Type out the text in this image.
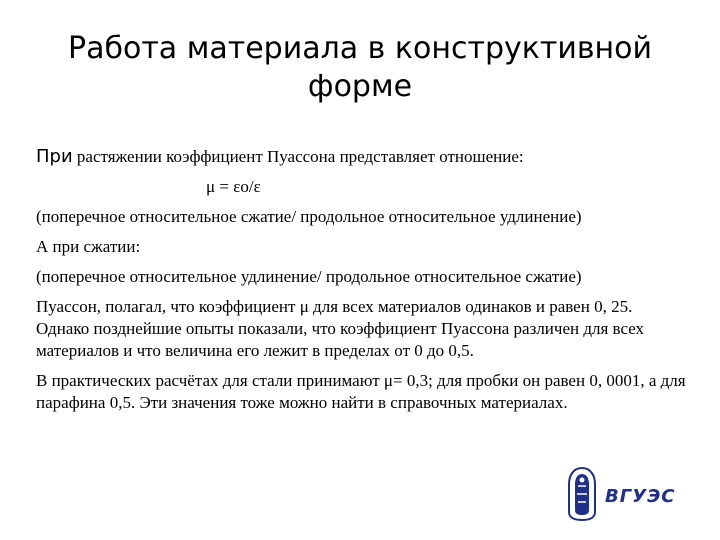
Работа материала в конструктивной форме

При растяжении коэффициент Пуассона представляет отношение:

μ = εо/ε

(поперечное относительное сжатие/ продольное относительное удлинение)

А при сжатии:

(поперечное относительное удлинение/ продольное относительное сжатие)

Пуассон, полагал, что коэффициент μ для всех материалов одинаков и равен 0, 25. Однако позднейшие опыты показали, что коэффициент Пуассона различен для всех материалов и что величина его лежит в пределах от 0 до 0,5.

В практических расчётах для стали принимают μ= 0,3; для пробки он равен 0, 0001, а для парафина 0,5. Эти значения тоже можно найти в справочных материалах.

ВГУЭС
